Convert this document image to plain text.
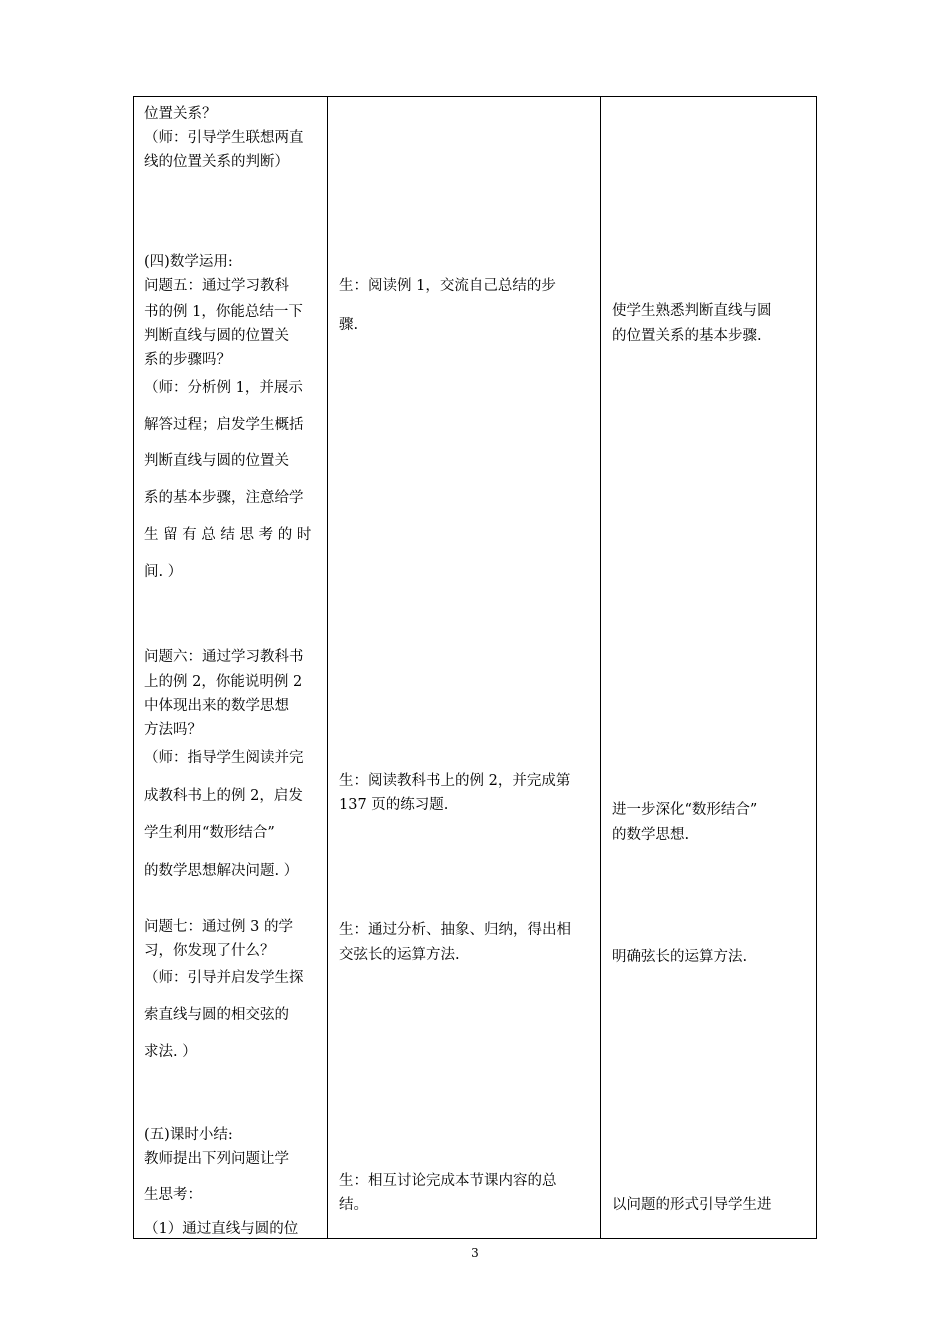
位置关系？
（师：引导学生联想两直
线的位置关系的判断）
(四)数学运用:
问题五：通过学习教科
书的例 1，你能总结一下
判断直线与圆的位置关
系的步骤吗？
（师：分析例 1，并展示
解答过程；启发学生概括
判断直线与圆的位置关
系的基本步骤，注意给学
生 留 有 总 结 思 考 的 时
间. ）
问题六：通过学习教科书
上的例 2，你能说明例 2
中体现出来的数学思想
方法吗？
（师：指导学生阅读并完
成教科书上的例 2，启发
学生利用“数形结合”
的数学思想解决问题. ）
问题七：通过例 3 的学
习，你发现了什么？
（师：引导并启发学生探
索直线与圆的相交弦的
求法. ）
(五)课时小结:
教师提出下列问题让学
生思考：
（1）通过直线与圆的位
生：阅读例 1，交流自己总结的步
骤.
生：阅读教科书上的例 2，并完成第
137 页的练习题.
生：通过分析、抽象、归纳，得出相
交弦长的运算方法.
生：相互讨论完成本节课内容的总
结。
使学生熟悉判断直线与圆
的位置关系的基本步骤.
进一步深化“数形结合”
的数学思想.
明确弦长的运算方法.
以问题的形式引导学生进
3
